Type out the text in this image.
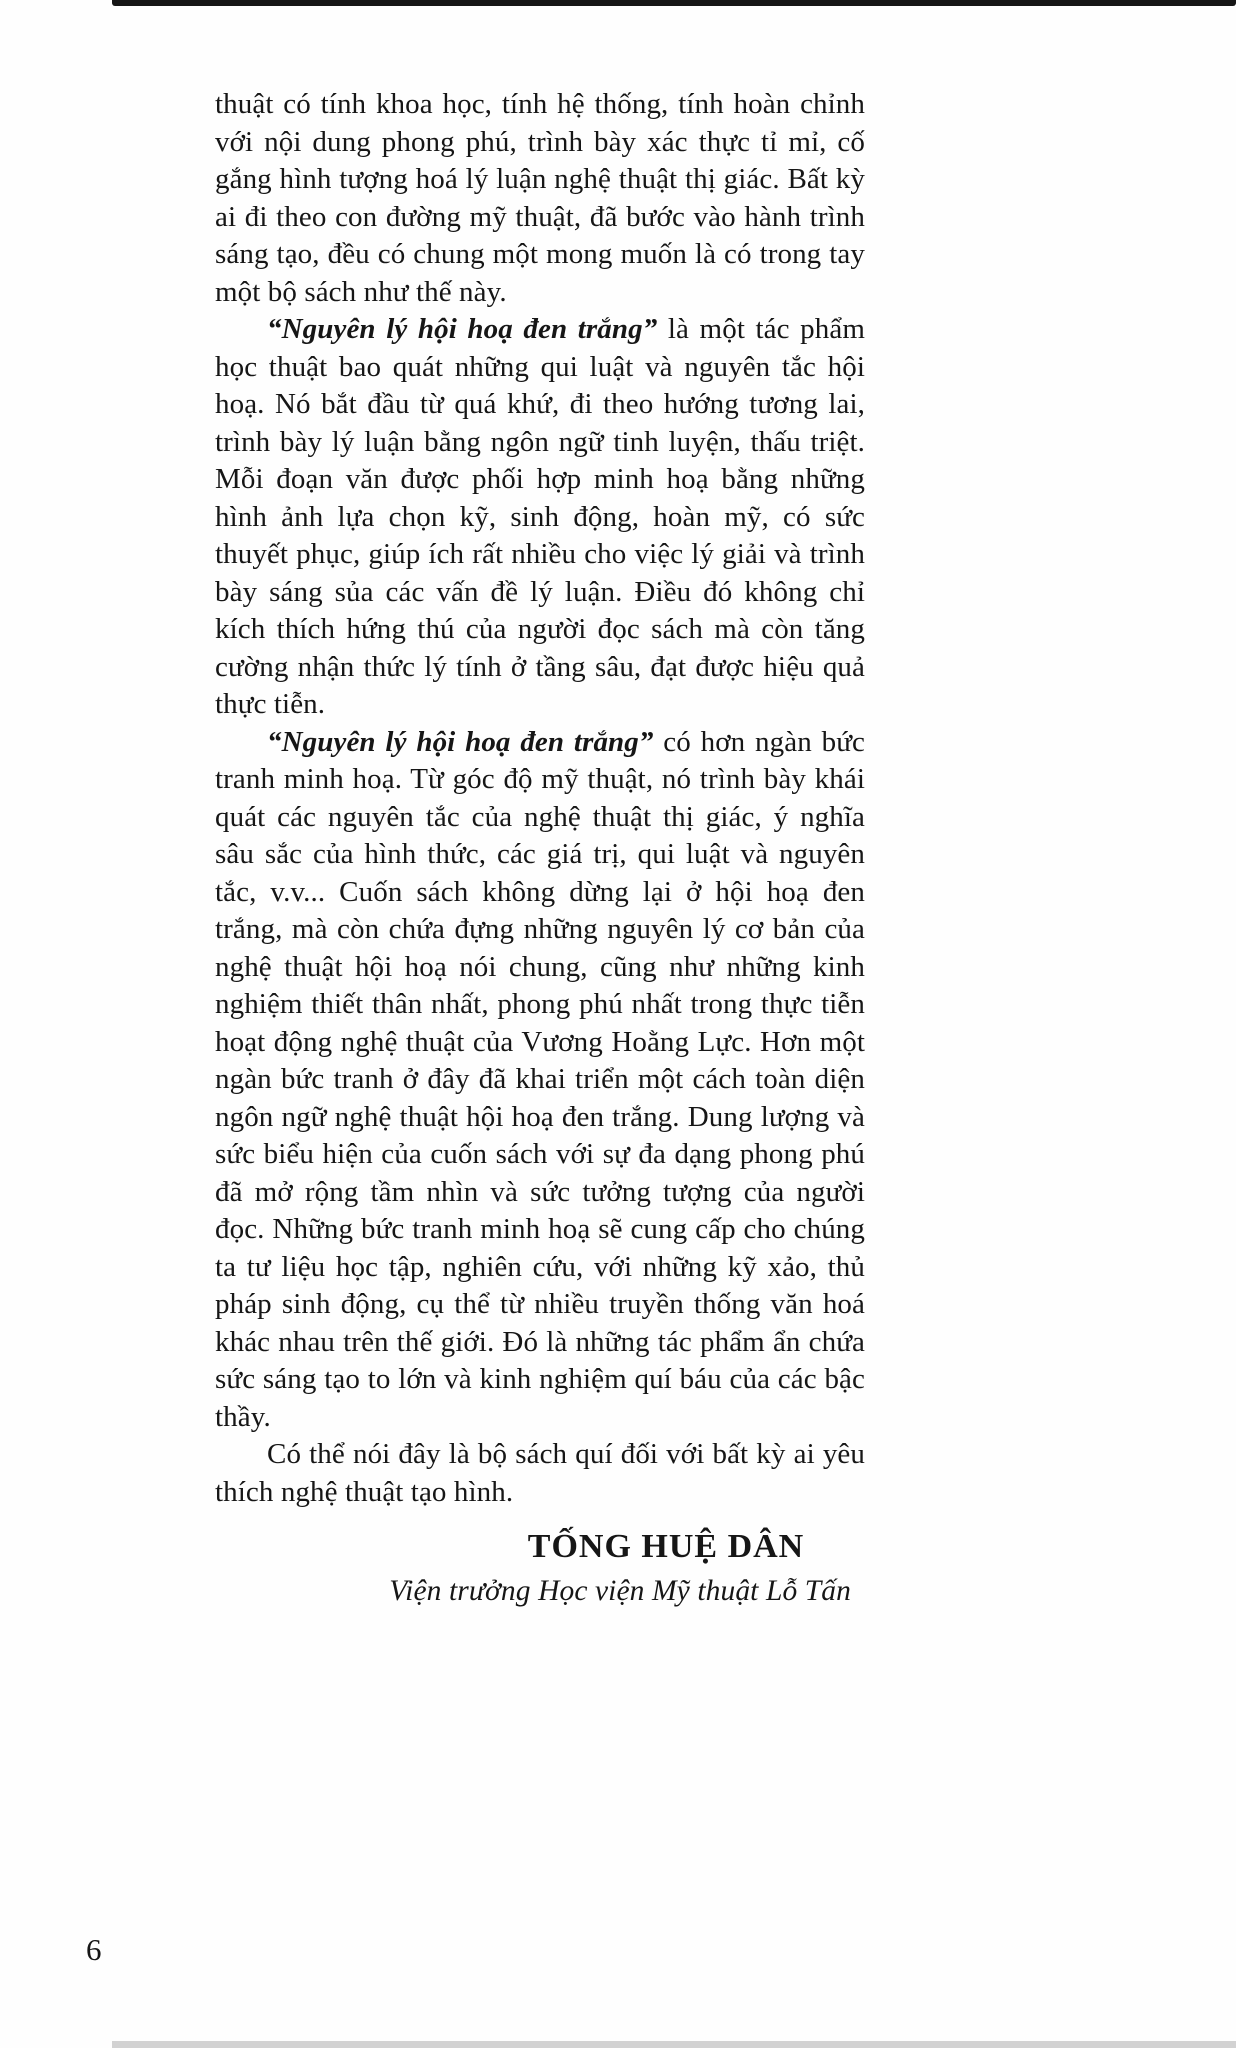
thuật có tính khoa học, tính hệ thống, tính hoàn chỉnh với nội dung phong phú, trình bày xác thực tỉ mỉ, cố gắng hình tượng hoá lý luận nghệ thuật thị giác. Bất kỳ ai đi theo con đường mỹ thuật, đã bước vào hành trình sáng tạo, đều có chung một mong muốn là có trong tay một bộ sách như thế này.

“Nguyên lý hội hoạ đen trắng” là một tác phẩm học thuật bao quát những qui luật và nguyên tắc hội hoạ. Nó bắt đầu từ quá khứ, đi theo hướng tương lai, trình bày lý luận bằng ngôn ngữ tinh luyện, thấu triệt. Mỗi đoạn văn được phối hợp minh hoạ bằng những hình ảnh lựa chọn kỹ, sinh động, hoàn mỹ, có sức thuyết phục, giúp ích rất nhiều cho việc lý giải và trình bày sáng sủa các vấn đề lý luận. Điều đó không chỉ kích thích hứng thú của người đọc sách mà còn tăng cường nhận thức lý tính ở tầng sâu, đạt được hiệu quả thực tiễn.

“Nguyên lý hội hoạ đen trắng” có hơn ngàn bức tranh minh hoạ. Từ góc độ mỹ thuật, nó trình bày khái quát các nguyên tắc của nghệ thuật thị giác, ý nghĩa sâu sắc của hình thức, các giá trị, qui luật và nguyên tắc, v.v... Cuốn sách không dừng lại ở hội hoạ đen trắng, mà còn chứa đựng những nguyên lý cơ bản của nghệ thuật hội hoạ nói chung, cũng như những kinh nghiệm thiết thân nhất, phong phú nhất trong thực tiễn hoạt động nghệ thuật của Vương Hoằng Lực. Hơn một ngàn bức tranh ở đây đã khai triển một cách toàn diện ngôn ngữ nghệ thuật hội hoạ đen trắng. Dung lượng và sức biểu hiện của cuốn sách với sự đa dạng phong phú đã mở rộng tầm nhìn và sức tưởng tượng của người đọc. Những bức tranh minh hoạ sẽ cung cấp cho chúng ta tư liệu học tập, nghiên cứu, với những kỹ xảo, thủ pháp sinh động, cụ thể từ nhiều truyền thống văn hoá khác nhau trên thế giới. Đó là những tác phẩm ẩn chứa sức sáng tạo to lớn và kinh nghiệm quí báu của các bậc thầy.

Có thể nói đây là bộ sách quí đối với bất kỳ ai yêu thích nghệ thuật tạo hình.

TỐNG HUỆ DÂN
Viện trưởng Học viện Mỹ thuật Lỗ Tấn
6
